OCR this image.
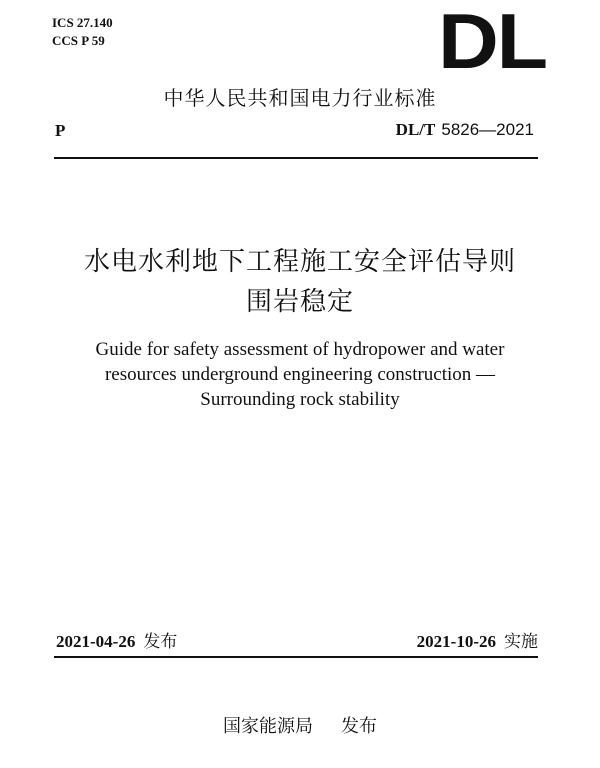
ICS 27.140
CCS P 59	DL
中华人民共和国电力行业标准
P	DL/T 5826—2021
水电水利地下工程施工安全评估导则
围岩稳定
Guide for safety assessment of hydropower and water
resources underground engineering construction —
Surrounding rock stability
2021-04-26 发布	2021-10-26 实施
国家能源局 发布
